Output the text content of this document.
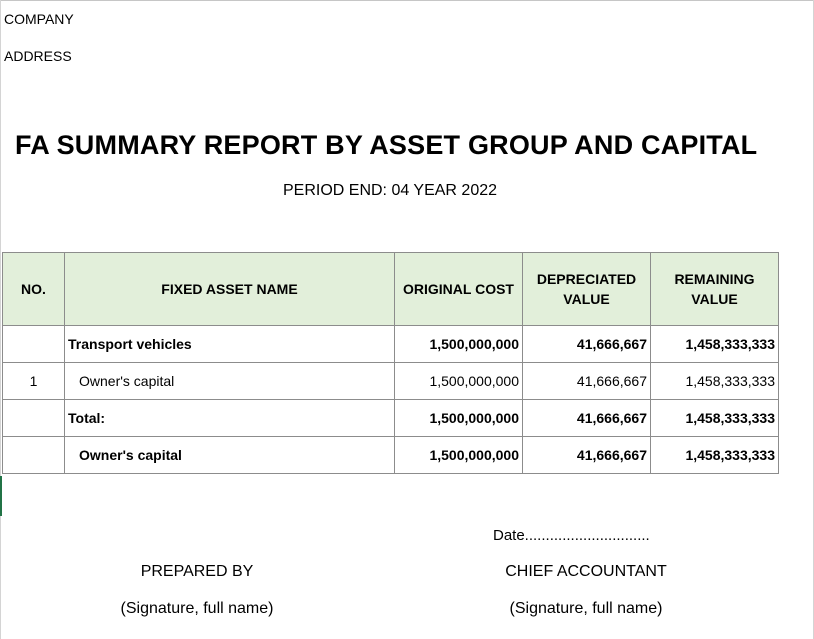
COMPANY
ADDRESS
FA SUMMARY REPORT BY ASSET GROUP AND CAPITAL
PERIOD END: 04 YEAR 2022
NO.	FIXED ASSET NAME	ORIGINAL COST	DEPRECIATED VALUE	REMAINING VALUE
	Transport vehicles	1,500,000,000	41,666,667	1,458,333,333
1	Owner's capital	1,500,000,000	41,666,667	1,458,333,333
	Total:	1,500,000,000	41,666,667	1,458,333,333
	Owner's capital	1,500,000,000	41,666,667	1,458,333,333
Date..............................
PREPARED BY
(Signature, full name)
CHIEF ACCOUNTANT
(Signature, full name)
